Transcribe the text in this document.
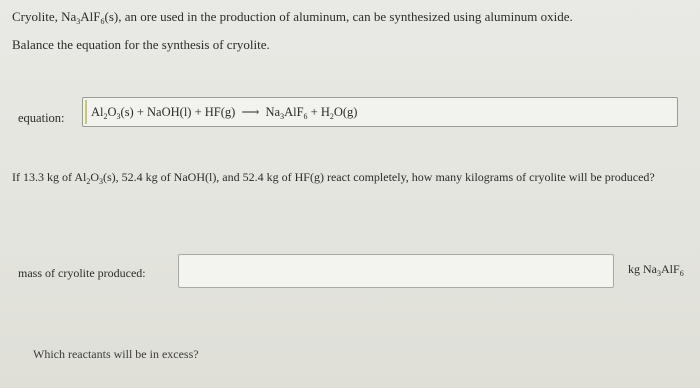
Cryolite, $Na_3AlF_6(s)$, an ore used in the production of aluminum, can be synthesized using aluminum oxide.
Balance the equation for the synthesis of cryolite.
equation: $Al_2O_3(s)$ + NaOH(l) + HF(g) ⟶ $Na_3AlF_6 + H_2O(g)$
If 13.3 kg of $Al_2O_3(s)$, 52.4 kg of NaOH(l), and 52.4 kg of HF(g) react completely, how many kilograms of cryolite will be produced?
mass of cryolite produced:	kg $Na_3AlF_6$
Which reactants will be in excess?
